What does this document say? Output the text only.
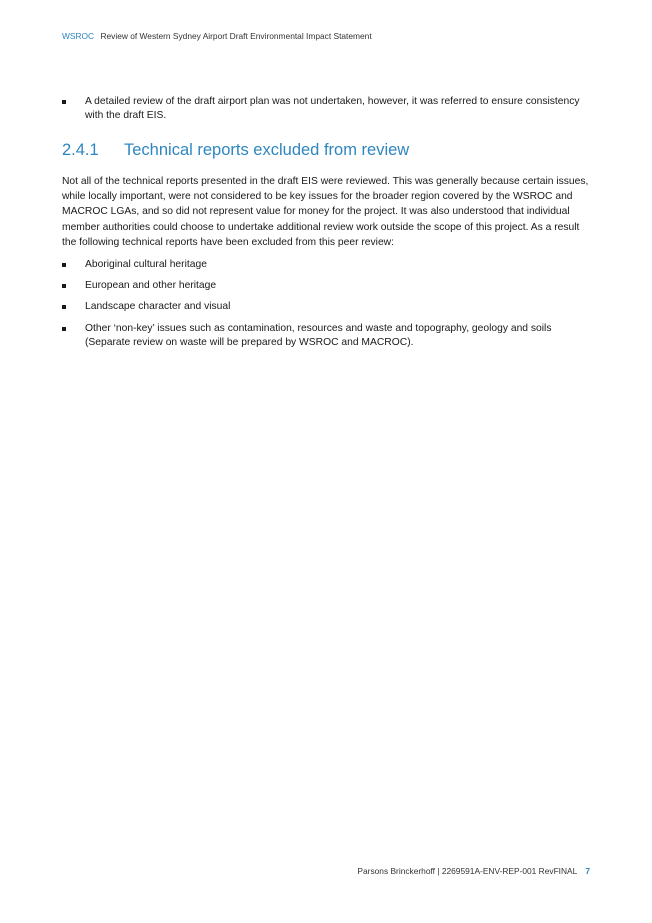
WSROC Review of Western Sydney Airport Draft Environmental Impact Statement
A detailed review of the draft airport plan was not undertaken, however, it was referred to ensure consistency with the draft EIS.
2.4.1 Technical reports excluded from review

Not all of the technical reports presented in the draft EIS were reviewed. This was generally because certain issues, while locally important, were not considered to be key issues for the broader region covered by the WSROC and MACROC LGAs, and so did not represent value for money for the project. It was also understood that individual member authorities could choose to undertake additional review work outside the scope of this project. As a result the following technical reports have been excluded from this peer review:

Aboriginal cultural heritage
European and other heritage
Landscape character and visual
Other ‘non-key’ issues such as contamination, resources and waste and topography, geology and soils (Separate review on waste will be prepared by WSROC and MACROC).
Parsons Brinckerhoff | 2269591A-ENV-REP-001 RevFINAL 7
